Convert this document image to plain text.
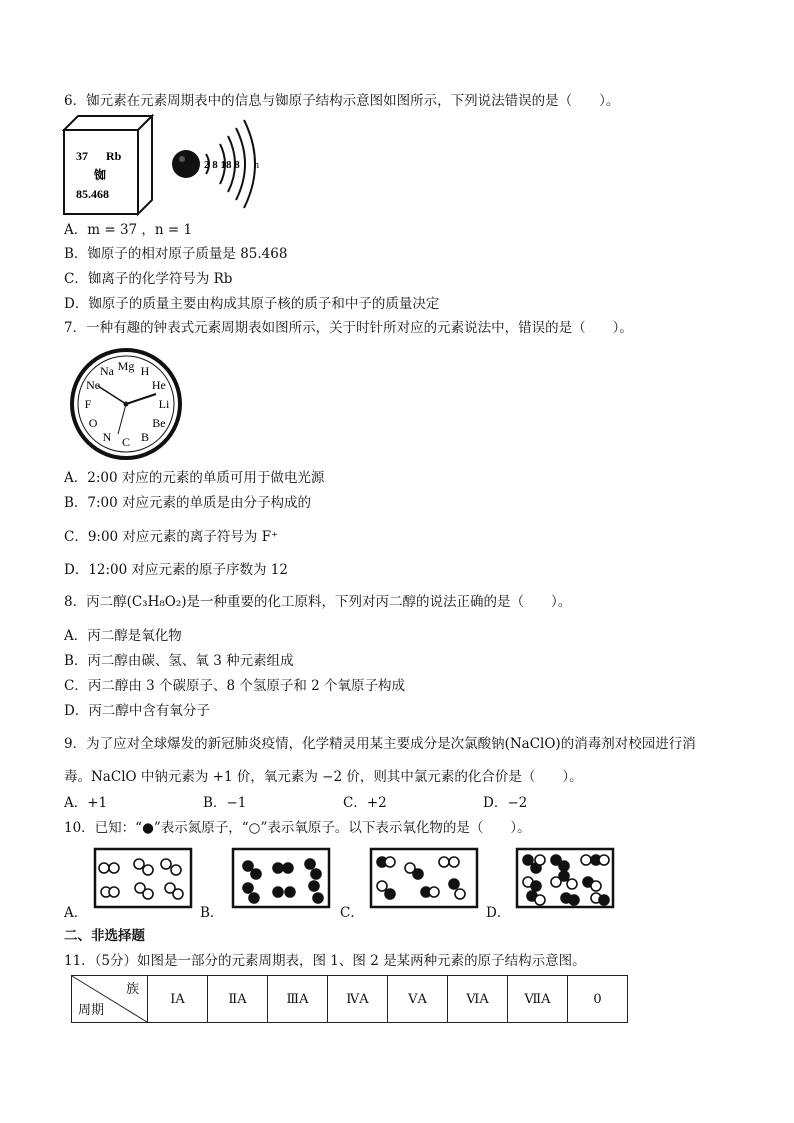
6．铷元素在元素周期表中的信息与铷原子结构示意图如图所示，下列说法错误的是（　　）。
37 Rb
铷
85.468
2 8 18 8 n
A．m = 37 ，n = 1
B．铷原子的相对原子质量是 85.468
C．铷离子的化学符号为 Rb
D．铷原子的质量主要由构成其原子核的质子和中子的质量决定
7．一种有趣的钟表式元素周期表如图所示，关于时针所对应的元素说法中，错误的是（　　）。
H
He
Li
Be
B
C
N
O
F
Ne
Na Mg
A．2:00 对应的元素的单质可用于做电光源
B．7:00 对应元素的单质是由分子构成的
C．9:00 对应元素的离子符号为 F⁺
D．12:00 对应元素的原子序数为 12
8．丙二醇(C₃H₈O₂)是一种重要的化工原料，下列对丙二醇的说法正确的是（　　）。
A．丙二醇是氧化物
B．丙二醇由碳、氢、氧 3 种元素组成
C．丙二醇由 3 个碳原子、8 个氢原子和 2 个氧原子构成
D．丙二醇中含有氧分子
9．为了应对全球爆发的新冠肺炎疫情，化学精灵用某主要成分是次氯酸钠(NaClO)的消毒剂对校园进行消
毒。NaClO 中钠元素为 +1 价，氧元素为 −2 价，则其中氯元素的化合价是（　　）。
A．+1	B．−1	C．+2	D．−2
10．已知：“●”表示氮原子，“○”表示氧原子。以下表示氧化物的是（　　）。
A．	B．	C．	D．
二、非选择题
11．（5分）如图是一部分的元素周期表，图 1、图 2 是某两种元素的原子结构示意图。
族
周期
	ⅠA	ⅡA	ⅢA	ⅣA	ⅤA	ⅥA	ⅦA	0
